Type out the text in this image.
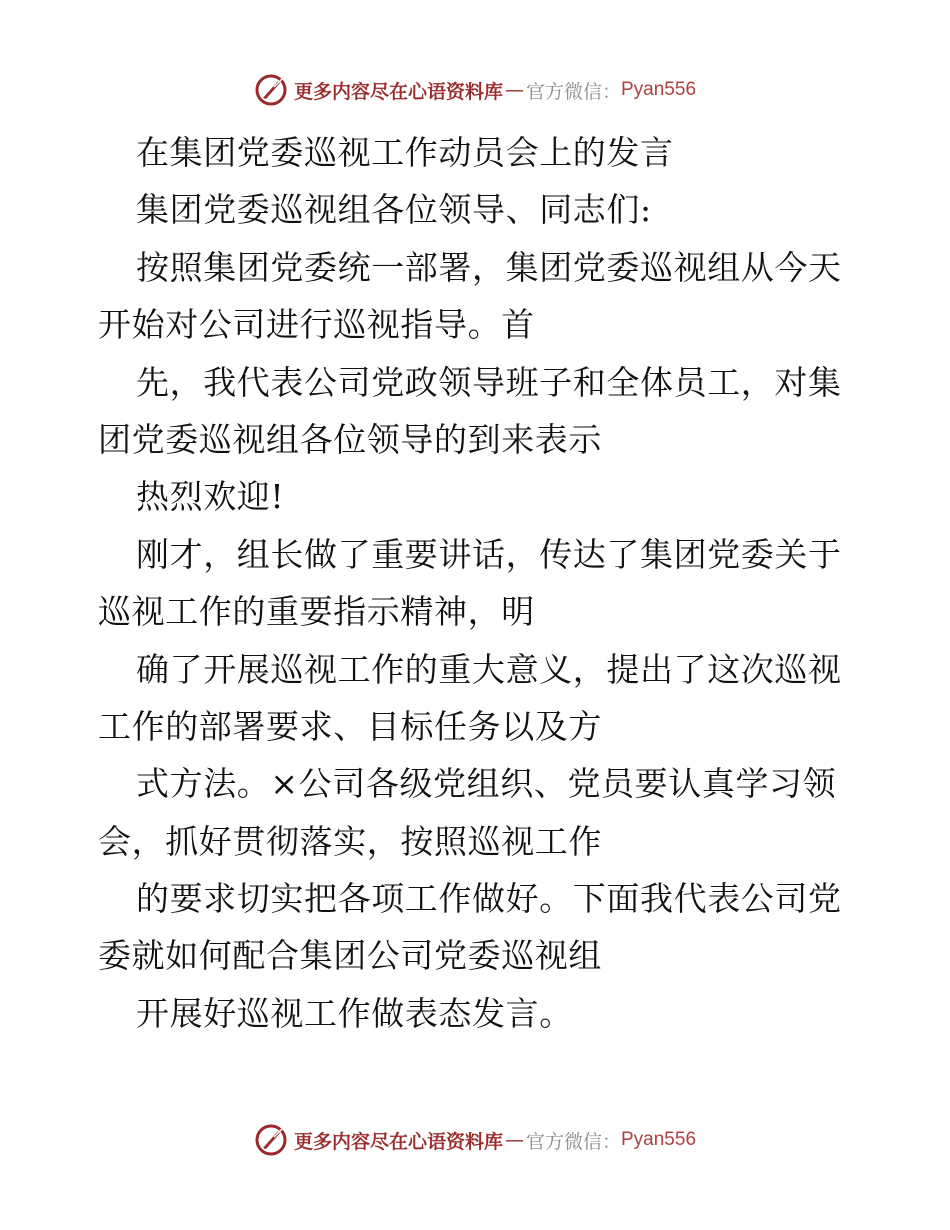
更多内容尽在心语资料库 — 官方微信： Pyan556
在集团党委巡视工作动员会上的发言
集团党委巡视组各位领导、同志们:
按照集团党委统一部署，集团党委巡视组从今天
开始对公司进行巡视指导。首
先，我代表公司党政领导班子和全体员工，对集
团党委巡视组各位领导的到来表示
热烈欢迎!
刚才，组长做了重要讲话，传达了集团党委关于
巡视工作的重要指示精神，明
确了开展巡视工作的重大意义，提出了这次巡视
工作的部署要求、目标任务以及方
式方法。×公司各级党组织、党员要认真学习领
会，抓好贯彻落实，按照巡视工作
的要求切实把各项工作做好。下面我代表公司党
委就如何配合集团公司党委巡视组
开展好巡视工作做表态发言。
更多内容尽在心语资料库 — 官方微信： Pyan556
